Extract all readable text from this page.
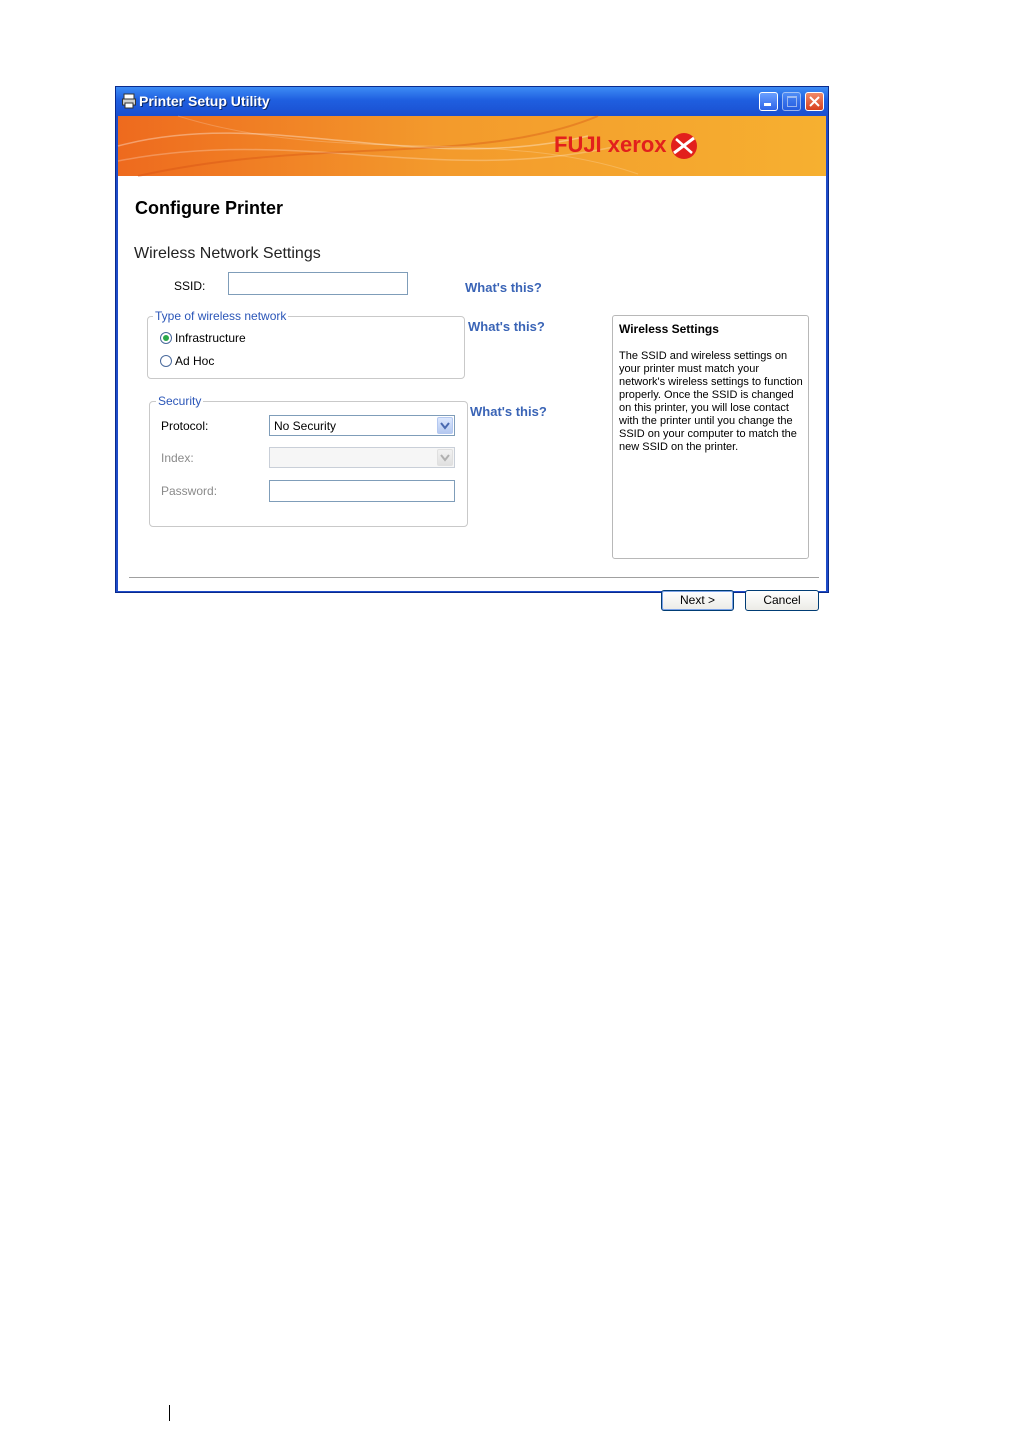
Printer Setup Utility
FUJI xerox
Configure Printer
Wireless Network Settings
SSID:	What's this?
Type of wireless network
Infrastructure
Ad Hoc
What's this?
Security
What's this?
Protocol:	No Security
Index:
Password:
Wireless Settings
The SSID and wireless settings on your printer must match your network's wireless settings to function properly. Once the SSID is changed on this printer, you will lose contact with the printer until you change the SSID on your computer to match the new SSID on the printer.
Next >	Cancel
